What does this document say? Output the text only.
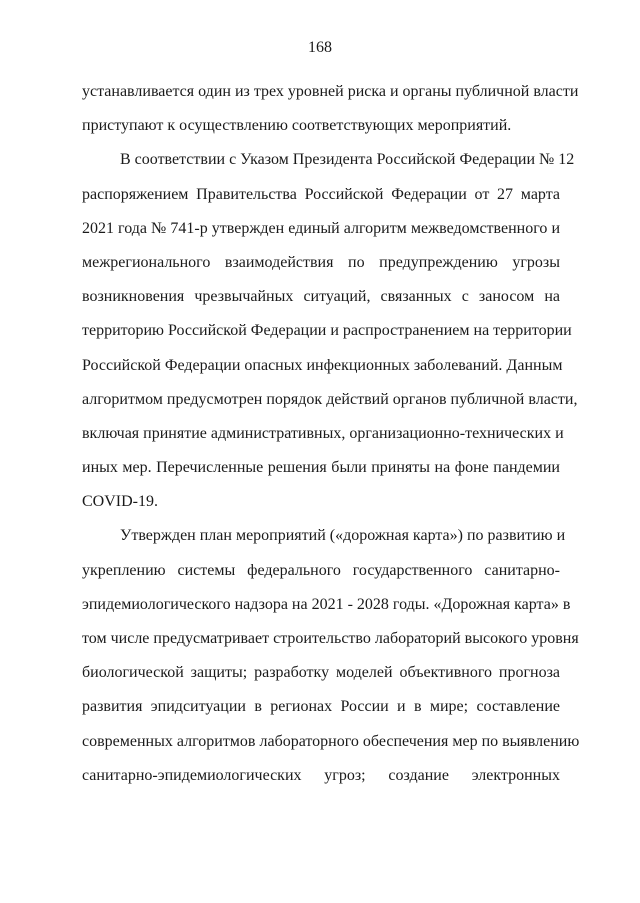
168
устанавливается один из трех уровней риска и органы публичной власти
приступают к осуществлению соответствующих мероприятий.
В соответствии с Указом Президента Российской Федерации № 12
распоряжением Правительства Российской Федерации от 27 марта
2021 года № 741-р утвержден единый алгоритм межведомственного и
межрегионального взаимодействия по предупреждению угрозы
возникновения чрезвычайных ситуаций, связанных с заносом на
территорию Российской Федерации и распространением на территории
Российской Федерации опасных инфекционных заболеваний. Данным
алгоритмом предусмотрен порядок действий органов публичной власти,
включая принятие административных, организационно-технических и
иных мер. Перечисленные решения были приняты на фоне пандемии
COVID-19.
Утвержден план мероприятий («дорожная карта») по развитию и
укреплению системы федерального государственного санитарно-
эпидемиологического надзора на 2021 - 2028 годы. «Дорожная карта» в
том числе предусматривает строительство лабораторий высокого уровня
биологической защиты; разработку моделей объективного прогноза
развития эпидситуации в регионах России и в мире; составление
современных алгоритмов лабораторного обеспечения мер по выявлению
санитарно-эпидемиологических угроз; создание электронных
